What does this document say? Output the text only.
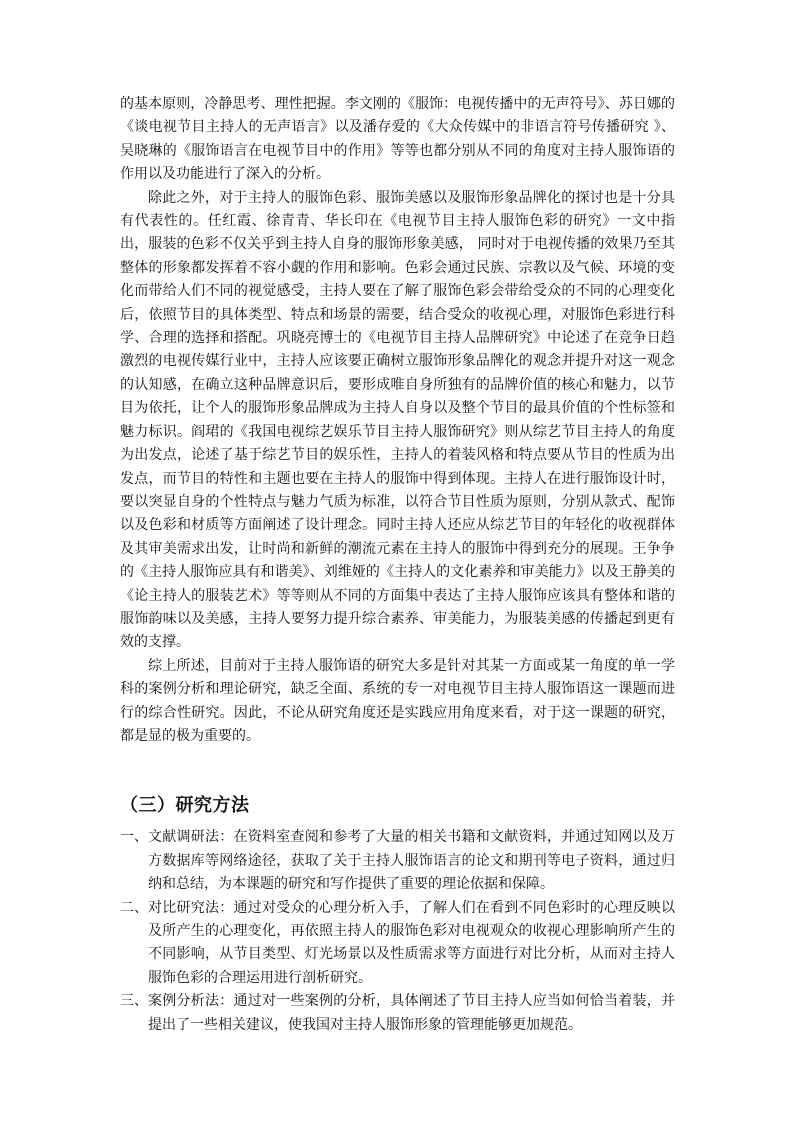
的基本原则，冷静思考、理性把握。李文刚的《服饰：电视传播中的无声符号》、苏日娜的《谈电视节目主持人的无声语言》以及潘存爱的《大众传媒中的非语言符号传播研究 》、吴晓琳的《服饰语言在电视节目中的作用》等等也都分别从不同的角度对主持人服饰语的作用以及功能进行了深入的分析。

除此之外，对于主持人的服饰色彩、服饰美感以及服饰形象品牌化的探讨也是十分具有代表性的。任红霞、徐青青、华长印在《电视节目主持人服饰色彩的研究》一文中指出，服装的色彩不仅关乎到主持人自身的服饰形象美感， 同时对于电视传播的效果乃至其整体的形象都发挥着不容小觑的作用和影响。色彩会通过民族、宗教以及气候、环境的变化而带给人们不同的视觉感受，主持人要在了解了服饰色彩会带给受众的不同的心理变化后，依照节目的具体类型、特点和场景的需要，结合受众的收视心理，对服饰色彩进行科学、合理的选择和搭配。巩晓亮博士的《电视节目主持人品牌研究》中论述了在竞争日趋激烈的电视传媒行业中，主持人应该要正确树立服饰形象品牌化的观念并提升对这一观念的认知感，在确立这种品牌意识后，要形成唯自身所独有的品牌价值的核心和魅力，以节目为依托，让个人的服饰形象品牌成为主持人自身以及整个节目的最具价值的个性标签和魅力标识。阎珺的《我国电视综艺娱乐节目主持人服饰研究》则从综艺节目主持人的角度为出发点，论述了基于综艺节目的娱乐性，主持人的着装风格和特点要从节目的性质为出发点，而节目的特性和主题也要在主持人的服饰中得到体现。主持人在进行服饰设计时，要以突显自身的个性特点与魅力气质为标准，以符合节目性质为原则，分别从款式、配饰以及色彩和材质等方面阐述了设计理念。同时主持人还应从综艺节目的年轻化的收视群体及其审美需求出发，让时尚和新鲜的潮流元素在主持人的服饰中得到充分的展现。王争争的《主持人服饰应具有和谐美》、刘维娅的《主持人的文化素养和审美能力》以及王静美的《论主持人的服装艺术》等等则从不同的方面集中表达了主持人服饰应该具有整体和谐的服饰韵味以及美感，主持人要努力提升综合素养、审美能力，为服装美感的传播起到更有效的支撑。

综上所述，目前对于主持人服饰语的研究大多是针对其某一方面或某一角度的单一学科的案例分析和理论研究，缺乏全面、系统的专一对电视节目主持人服饰语这一课题而进行的综合性研究。因此，不论从研究角度还是实践应用角度来看，对于这一课题的研究，都是显的极为重要的。

（三）研究方法
一、 文献调研法：在资料室查阅和参考了大量的相关书籍和文献资料，并通过知网以及万方数据库等网络途径，获取了关于主持人服饰语言的论文和期刊等电子资料，通过归纳和总结，为本课题的研究和写作提供了重要的理论依据和保障。
二、 对比研究法：通过对受众的心理分析入手，了解人们在看到不同色彩时的心理反映以及所产生的心理变化，再依照主持人的服饰色彩对电视观众的收视心理影响所产生的不同影响，从节目类型、灯光场景以及性质需求等方面进行对比分析，从而对主持人服饰色彩的合理运用进行剖析研究。
三、 案例分析法：通过对一些案例的分析，具体阐述了节目主持人应当如何恰当着装，并提出了一些相关建议，使我国对主持人服饰形象的管理能够更加规范。
